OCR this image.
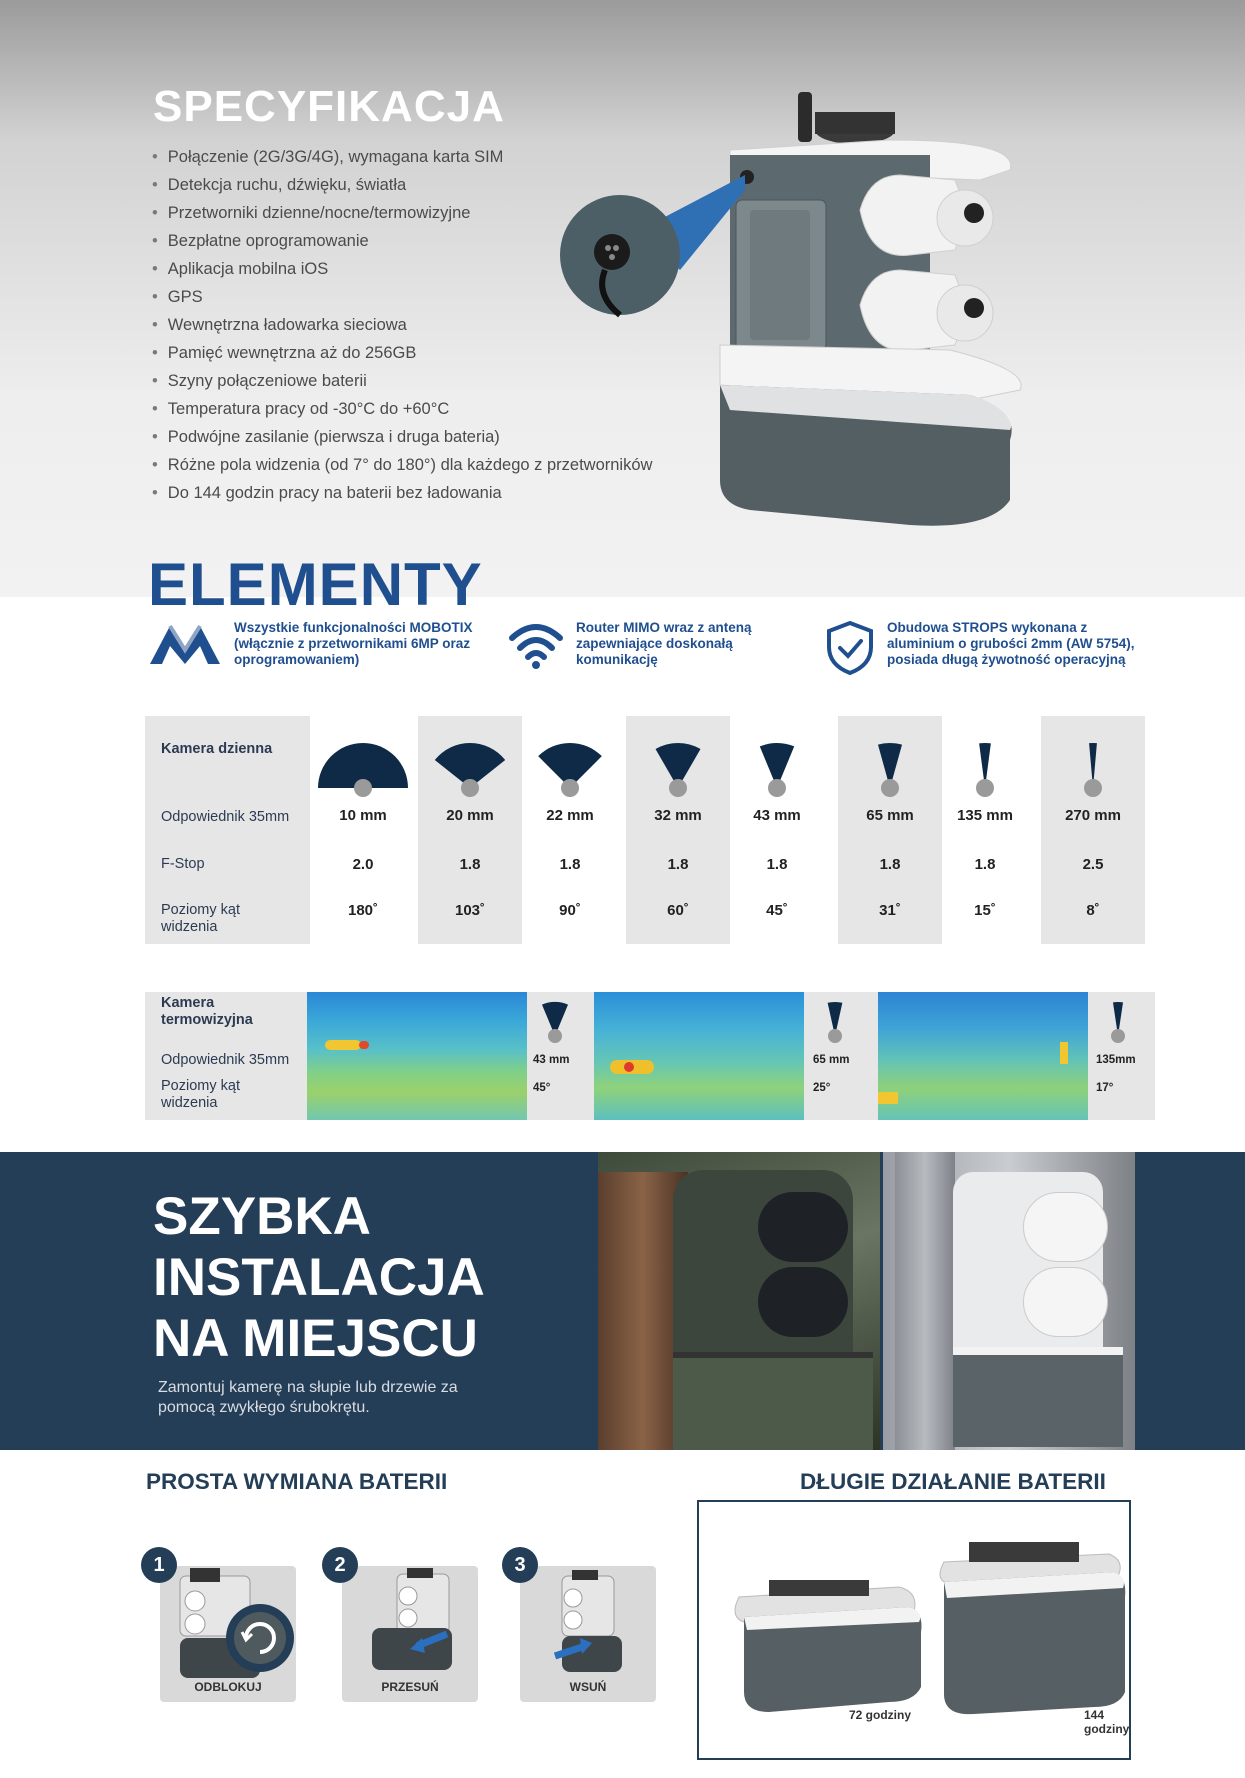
SPECYFIKACJA
• Połączenie (2G/3G/4G), wymagana karta SIM
• Detekcja ruchu, dźwięku, światła
• Przetworniki dzienne/nocne/termowizyjne
• Bezpłatne oprogramowanie
• Aplikacja mobilna iOS
• GPS
• Wewnętrzna ładowarka sieciowa
• Pamięć wewnętrzna aż do 256GB
• Szyny połączeniowe baterii
• Temperatura pracy od -30°C do +60°C
• Podwójne zasilanie (pierwsza i druga bateria)
• Różne pola widzenia (od 7° do 180°) dla każdego z przetworników
• Do 144 godzin pracy na baterii bez ładowania
ELEMENTY
Wszystkie funkcjonalności MOBOTIX (włącznie z przetwornikami 6MP oraz oprogramowaniem)
Router MIMO wraz z anteną zapewniające doskonałą komunikację
Obudowa STROPS wykonana z aluminium o grubości 2mm (AW 5754), posiada długą żywotność operacyjną
Kamera dzienna
Odpowiednik 35mm
F-Stop
Poziomy kąt widzenia
10 mm
2.0
180˚
20 mm
1.8
103˚
22 mm
1.8
90˚
32 mm
1.8
60˚
43 mm
1.8
45˚
65 mm
1.8
31˚
135 mm
1.8
15˚
270 mm
2.5
8˚
Kamera termowizyjna
Odpowiednik 35mm
Poziomy kąt widzenia
43 mm
45°
65 mm
25°
135mm
17°
SZYBKA
INSTALACJA
NA MIEJSCU
Zamontuj kamerę na słupie lub drzewie za pomocą zwykłego śrubokrętu.
PROSTA WYMIANA BATERII
ODBLOKUJ
1
PRZESUŃ
2
WSUŃ
3
DŁUGIE DZIAŁANIE BATERII
72 godziny	144 godziny
